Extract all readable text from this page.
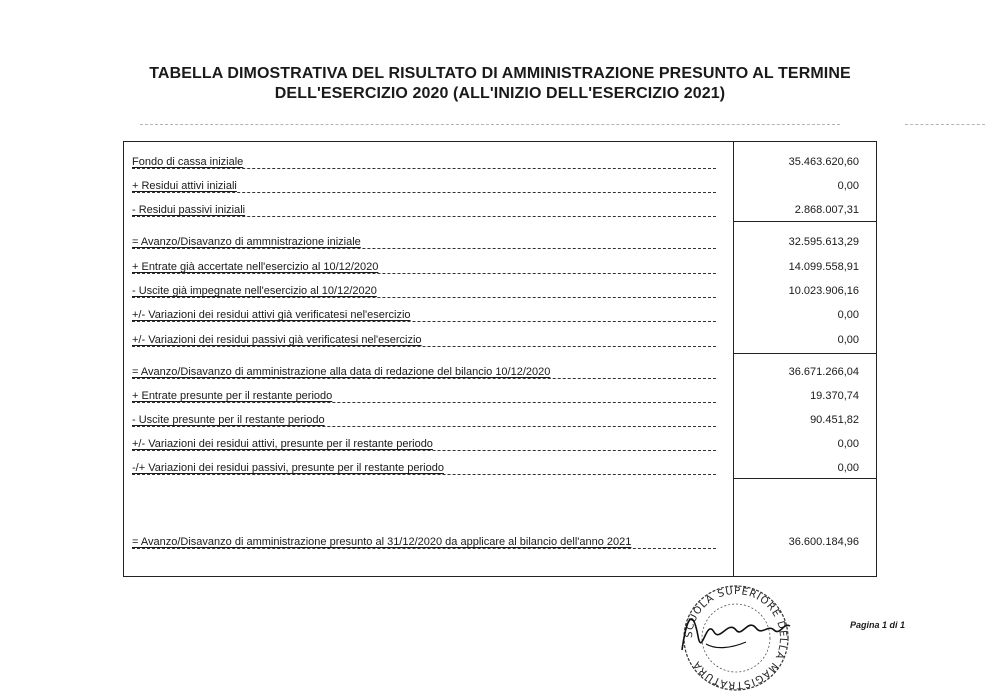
TABELLA DIMOSTRATIVA DEL RISULTATO DI AMMINISTRAZIONE PRESUNTO AL TERMINE
DELL'ESERCIZIO 2020 (ALL'INIZIO DELL'ESERCIZIO 2021)
Fondo di cassa iniziale	35.463.620,60
+ Residui attivi iniziali	0,00
- Residui passivi iniziali	2.868.007,31
= Avanzo/Disavanzo di ammnistrazione iniziale	32.595.613,29
+ Entrate già accertate nell'esercizio al 10/12/2020	14.099.558,91
- Uscite già impegnate nell'esercizio al 10/12/2020	10.023.906,16
+/- Variazioni dei residui attivi già verificatesi nel'esercizio	0,00
+/- Variazioni dei residui passivi già verificatesi nel'esercizio	0,00
= Avanzo/Disavanzo di amministrazione alla data di redazione del bilancio 10/12/2020	36.671.266,04
+ Entrate presunte per il restante periodo	19.370,74
- Uscite presunte per il restante periodo	90.451,82
+/- Variazioni dei residui attivi, presunte per il restante periodo	0,00
-/+ Variazioni dei residui passivi, presunte per il restante periodo	0,00
= Avanzo/Disavanzo di amministrazione presunto al 31/12/2020 da applicare al bilancio dell'anno 2021	36.600.184,96
SCUOLA SUPERIORE DELLA MAGISTRATURA
Pagina 1 di 1
